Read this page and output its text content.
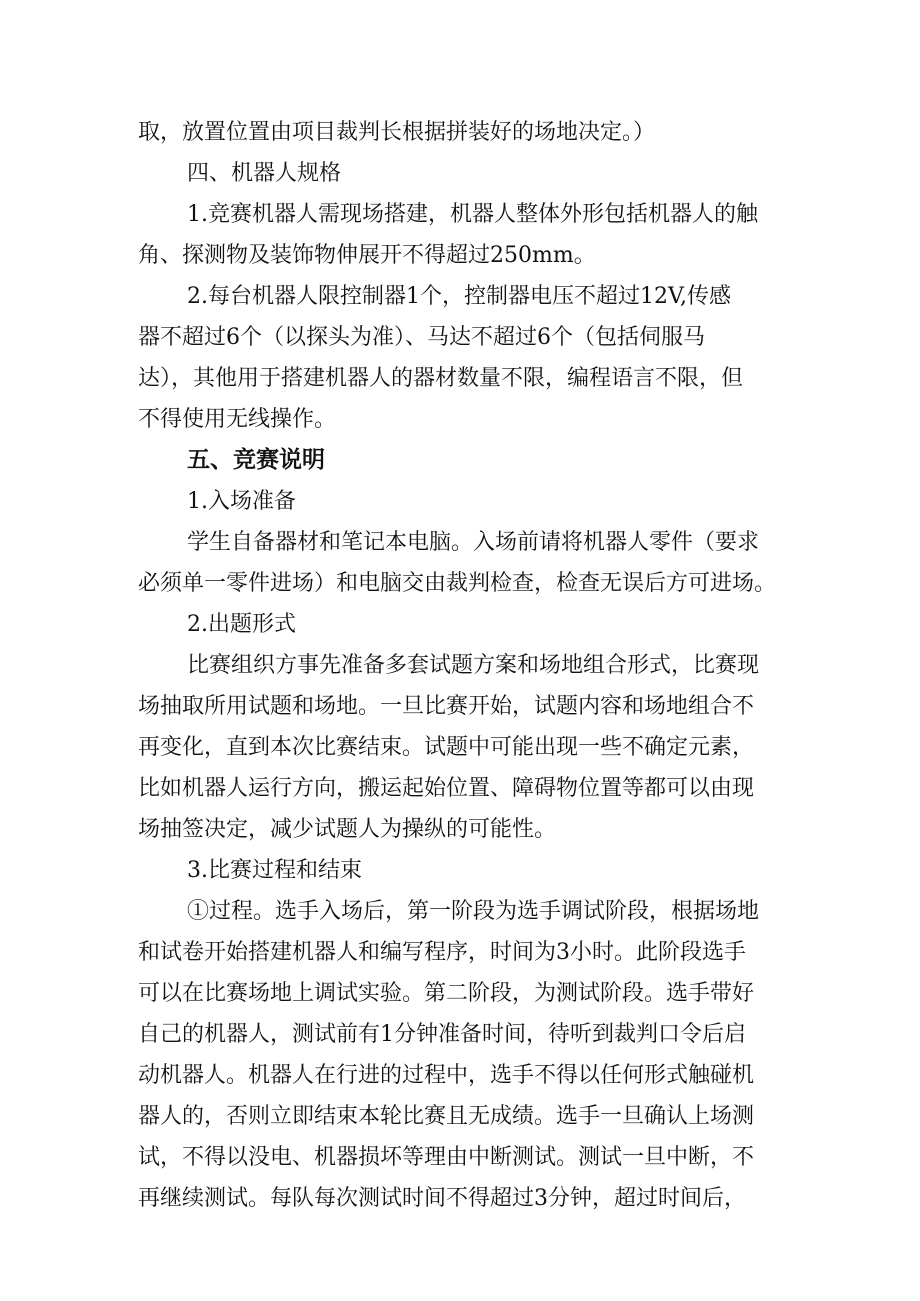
取，放置位置由项目裁判长根据拼装好的场地决定。）
四、机器人规格
1.竞赛机器人需现场搭建，机器人整体外形包括机器人的触
角、探测物及装饰物伸展开不得超过250mm。
2.每台机器人限控制器1个，控制器电压不超过12V,传感
器不超过6个（以探头为准）、马达不超过6个（包括伺服马
达），其他用于搭建机器人的器材数量不限，编程语言不限，但
不得使用无线操作。
五、竞赛说明
1.入场准备
学生自备器材和笔记本电脑。入场前请将机器人零件（要求
必须单一零件进场）和电脑交由裁判检查，检查无误后方可进场。
2.出题形式
比赛组织方事先准备多套试题方案和场地组合形式，比赛现
场抽取所用试题和场地。一旦比赛开始，试题内容和场地组合不
再变化，直到本次比赛结束。试题中可能出现一些不确定元素，
比如机器人运行方向，搬运起始位置、障碍物位置等都可以由现
场抽签决定，减少试题人为操纵的可能性。
3.比赛过程和结束
①过程。选手入场后，第一阶段为选手调试阶段，根据场地
和试卷开始搭建机器人和编写程序，时间为3小时。此阶段选手
可以在比赛场地上调试实验。第二阶段，为测试阶段。选手带好
自己的机器人，测试前有1分钟准备时间，待听到裁判口令后启
动机器人。机器人在行进的过程中，选手不得以任何形式触碰机
器人的，否则立即结束本轮比赛且无成绩。选手一旦确认上场测
试，不得以没电、机器损坏等理由中断测试。测试一旦中断，不
再继续测试。每队每次测试时间不得超过3分钟，超过时间后，
